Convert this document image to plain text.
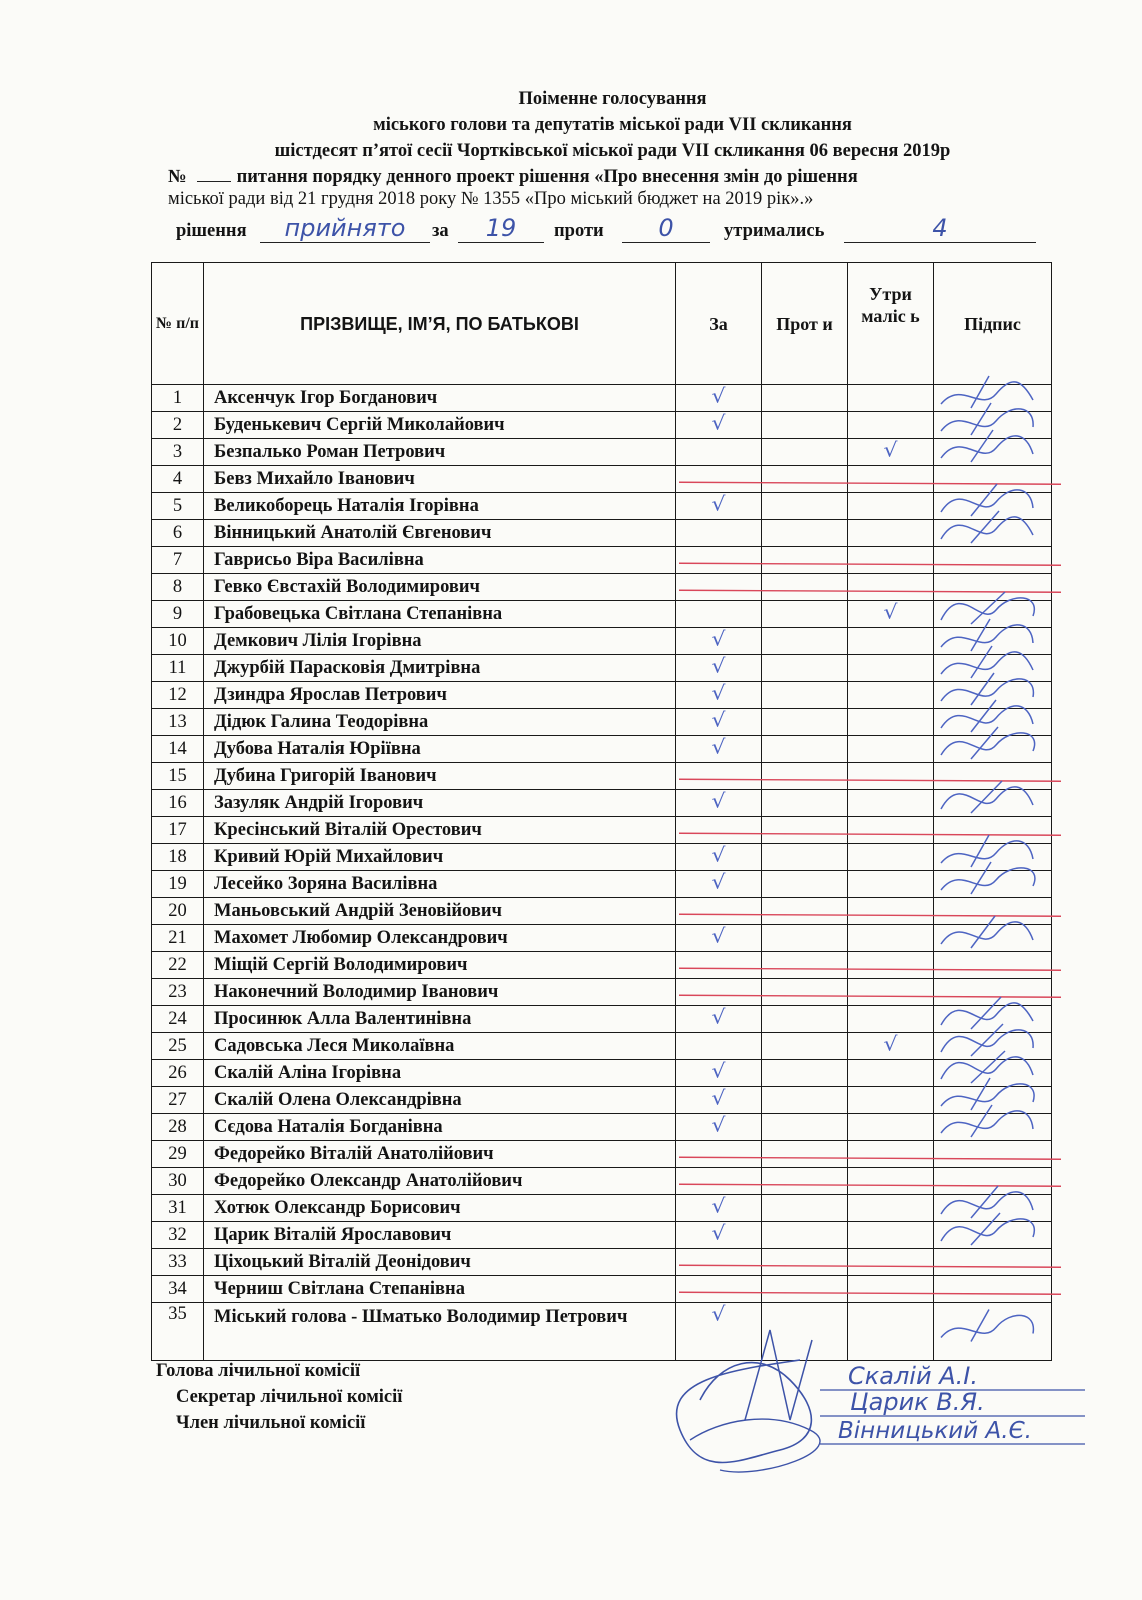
Поіменне голосування
міського голови та депутатів міської ради VII скликання
шістдесят п’ятої сесії Чортківської міської ради VII скликання 06 вересня 2019р
№	питання порядку денного проект рішення «Про внесення змін до рішення
міської ради від 21 грудня 2018 року № 1355 «Про міський бюджет на 2019 рік».»
рішення	прийнято	за	19	проти	0	утримались	4
№ п/п	ПРІЗВИЩЕ, ІМ’Я, ПО БАТЬКОВІ	За	Прот и	Утри маліс ь	Підпис
1	Аксенчук Ігор Богданович	√			
2	Буденькевич Сергій Миколайович	√			
3	Безпалько Роман Петрович			√	
4	Бевз Михайло Іванович				
5	Великоборець Наталія Ігорівна	√			
6	Вінницький Анатолій Євгенович				
7	Гаврисьо Віра Василівна				
8	Гевко Євстахій Володимирович				
9	Грабовецька Світлана Степанівна			√	
10	Демкович Лілія Ігорівна	√			
11	Джурбій Парасковія Дмитрівна	√			
12	Дзиндра Ярослав Петрович	√			
13	Дідюк Галина Теодорівна	√			
14	Дубова Наталія Юріївна	√			
15	Дубина Григорій Іванович				
16	Зазуляк Андрій Ігорович	√			
17	Кресінський Віталій Орестович				
18	Кривий Юрій Михайлович	√			
19	Лесейко Зоряна Василівна	√			
20	Маньовський Андрій Зеновійович				
21	Махомет Любомир Олександрович	√			
22	Міщій Сергій Володимирович				
23	Наконечний Володимир Іванович				
24	Просинюк Алла Валентинівна	√			
25	Садовська Леся Миколаївна			√	
26	Скалій Аліна Ігорівна	√			
27	Скалій Олена Олександрівна	√			
28	Сєдова Наталія Богданівна	√			
29	Федорейко Віталій Анатолійович				
30	Федорейко Олександр Анатолійович				
31	Хотюк Олександр Борисович	√			
32	Царик Віталій Ярославович	√			
33	Ціхоцький Віталій Деонідович				
34	Черниш Світлана Степанівна				
35	Міський голова - Шматько Володимир Петрович	√			
Голова лічильної комісії
Секретар лічильної комісії
Член лічильної комісії
Скалій А.І.
Царик В.Я.
Вінницький А.Є.
